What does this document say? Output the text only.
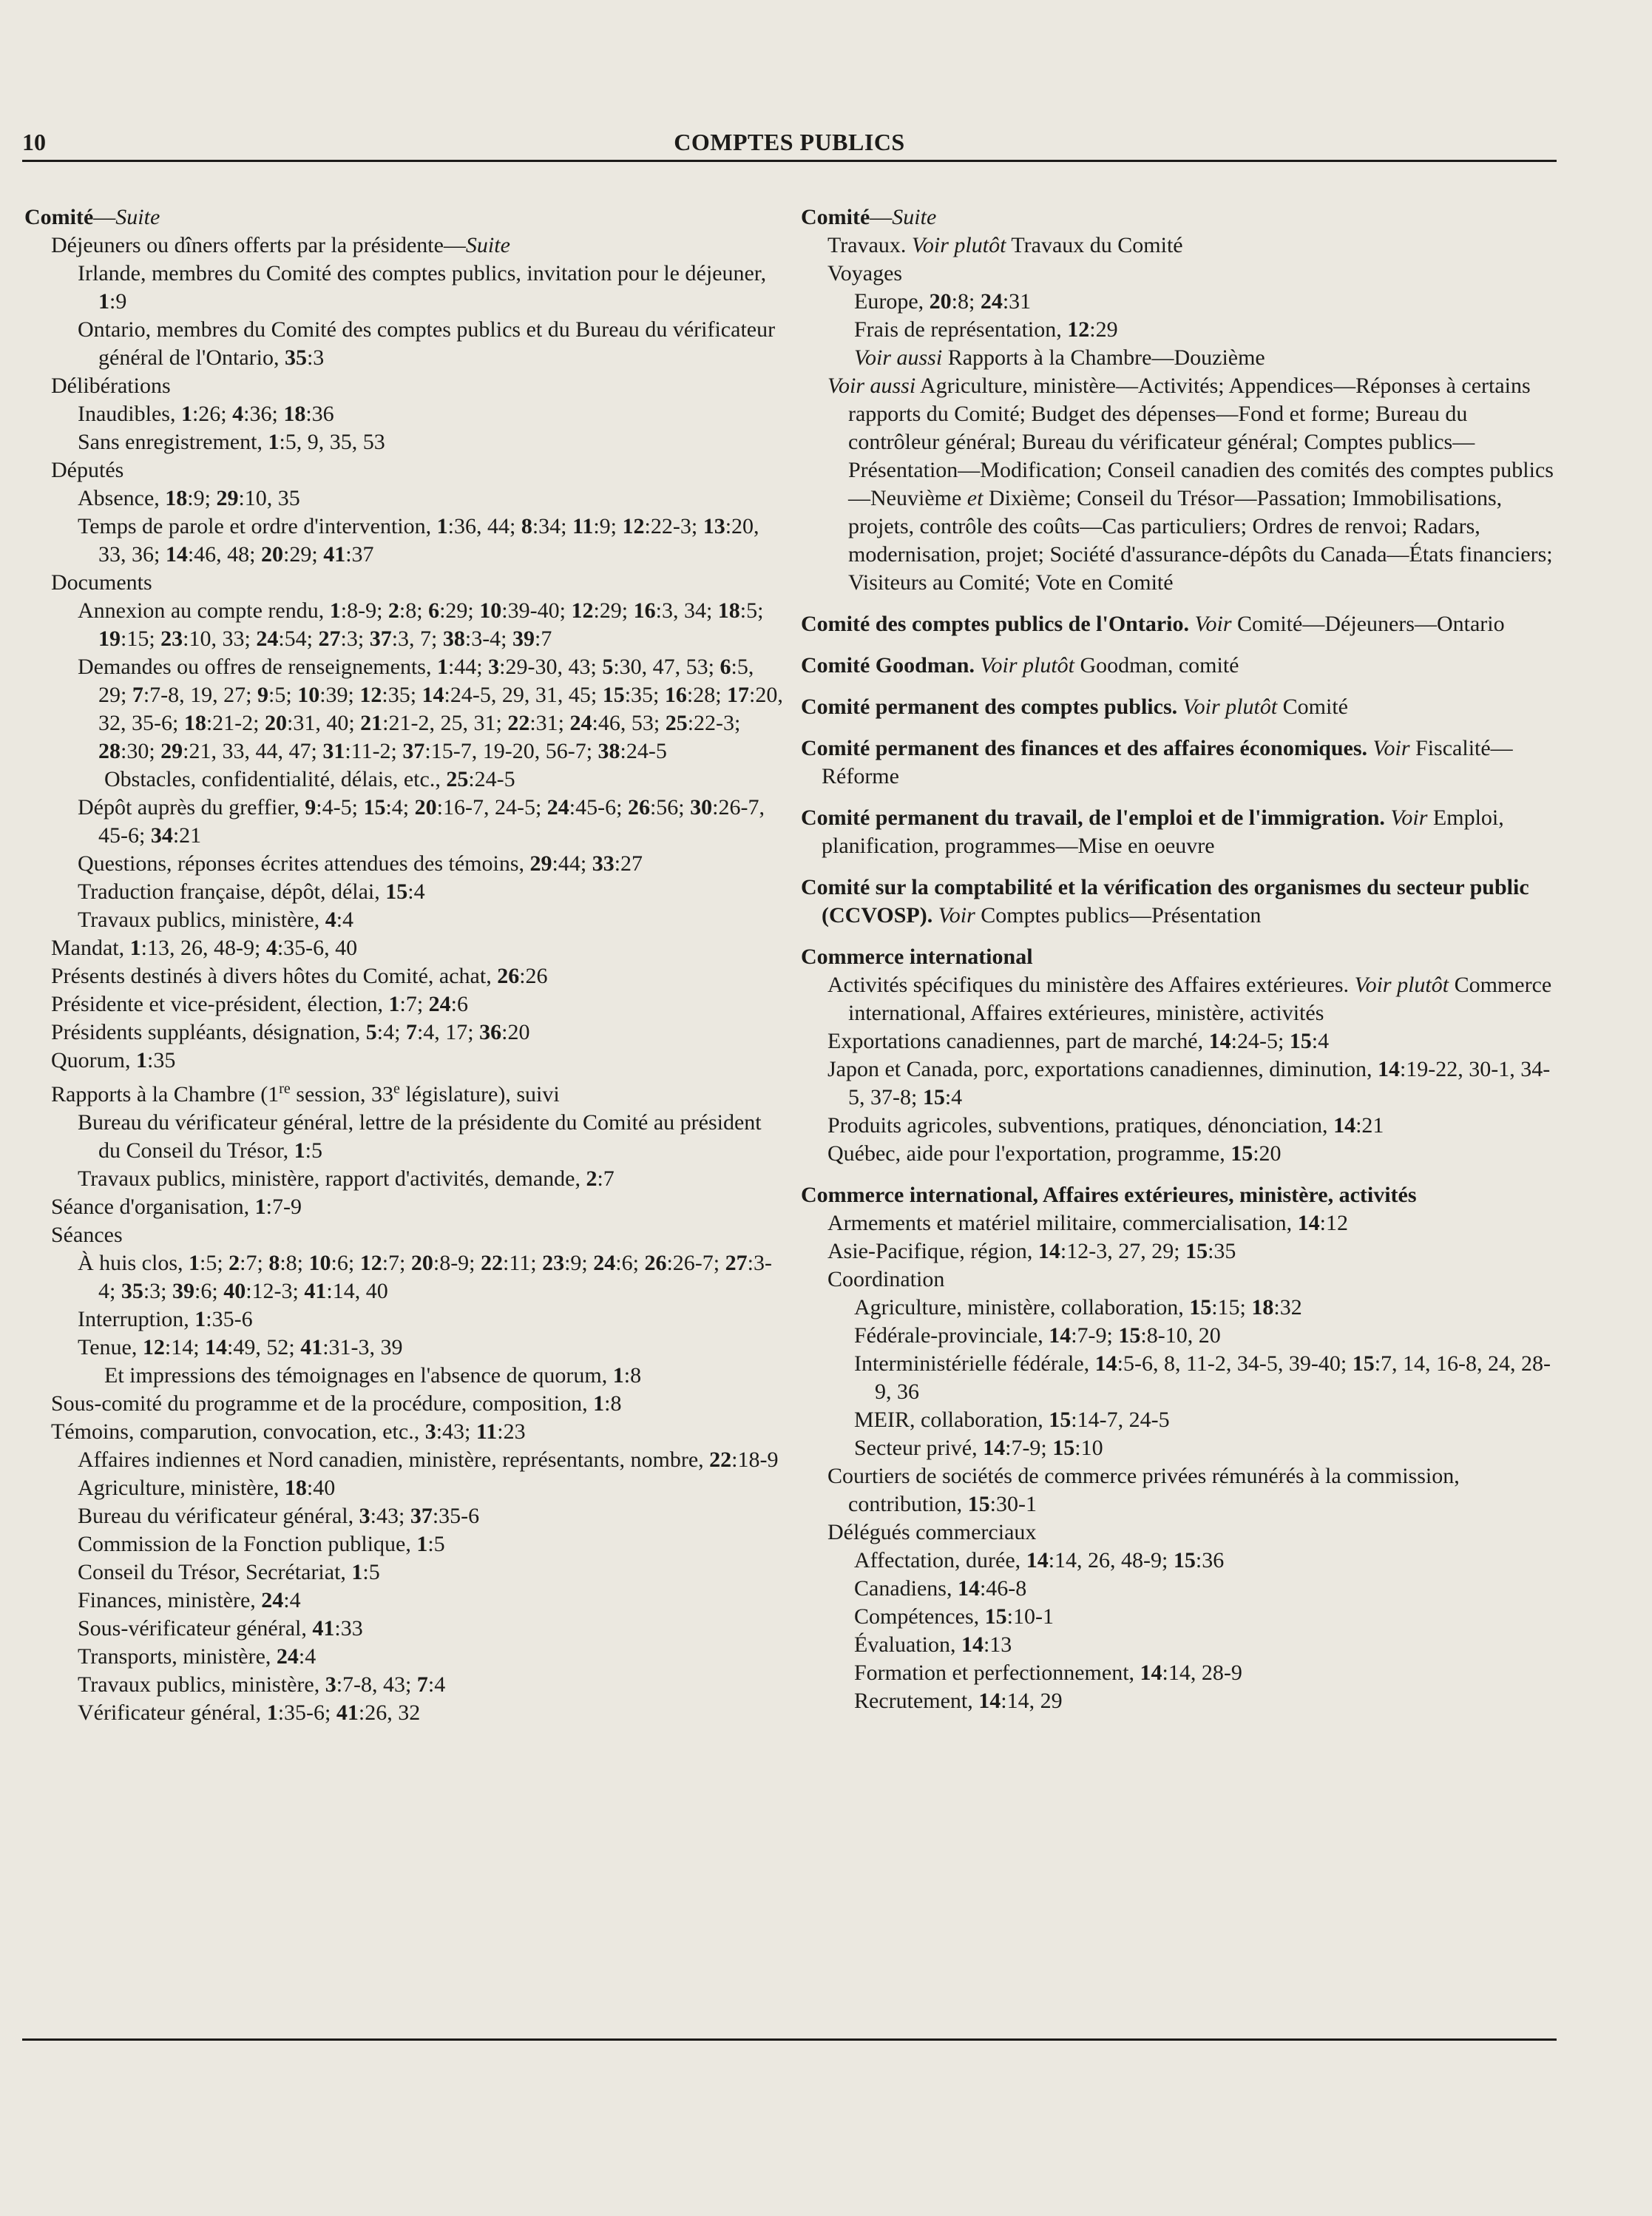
10	COMPTES PUBLICS

Comité—Suite

Déjeuners ou dîners offerts par la présidente—Suite

Irlande, membres du Comité des comptes publics, invitation pour le déjeuner, 1:9

Ontario, membres du Comité des comptes publics et du Bureau du vérificateur général de l'Ontario, 35:3

Délibérations

Inaudibles, 1:26; 4:36; 18:36

Sans enregistrement, 1:5, 9, 35, 53

Députés

Absence, 18:9; 29:10, 35

Temps de parole et ordre d'intervention, 1:36, 44; 8:34; 11:9; 12:22-3; 13:20, 33, 36; 14:46, 48; 20:29; 41:37

Documents

Annexion au compte rendu, 1:8-9; 2:8; 6:29; 10:39-40; 12:29; 16:3, 34; 18:5; 19:15; 23:10, 33; 24:54; 27:3; 37:3, 7; 38:3-4; 39:7

Demandes ou offres de renseignements, 1:44; 3:29-30, 43; 5:30, 47, 53; 6:5, 29; 7:7-8, 19, 27; 9:5; 10:39; 12:35; 14:24-5, 29, 31, 45; 15:35; 16:28; 17:20, 32, 35-6; 18:21-2; 20:31, 40; 21:21-2, 25, 31; 22:31; 24:46, 53; 25:22-3; 28:30; 29:21, 33, 44, 47; 31:11-2; 37:15-7, 19-20, 56-7; 38:24-5

Obstacles, confidentialité, délais, etc., 25:24-5

Dépôt auprès du greffier, 9:4-5; 15:4; 20:16-7, 24-5; 24:45-6; 26:56; 30:26-7, 45-6; 34:21

Questions, réponses écrites attendues des témoins, 29:44; 33:27

Traduction française, dépôt, délai, 15:4

Travaux publics, ministère, 4:4

Mandat, 1:13, 26, 48-9; 4:35-6, 40

Présents destinés à divers hôtes du Comité, achat, 26:26

Présidente et vice-président, élection, 1:7; 24:6

Présidents suppléants, désignation, 5:4; 7:4, 17; 36:20

Quorum, 1:35

Rapports à la Chambre (1re session, 33e législature), suivi

Bureau du vérificateur général, lettre de la présidente du Comité au président du Conseil du Trésor, 1:5

Travaux publics, ministère, rapport d'activités, demande, 2:7

Séance d'organisation, 1:7-9

Séances

À huis clos, 1:5; 2:7; 8:8; 10:6; 12:7; 20:8-9; 22:11; 23:9; 24:6; 26:26-7; 27:3-4; 35:3; 39:6; 40:12-3; 41:14, 40

Interruption, 1:35-6

Tenue, 12:14; 14:49, 52; 41:31-3, 39

Et impressions des témoignages en l'absence de quorum, 1:8

Sous-comité du programme et de la procédure, composition, 1:8

Témoins, comparution, convocation, etc., 3:43; 11:23

Affaires indiennes et Nord canadien, ministère, représentants, nombre, 22:18-9

Agriculture, ministère, 18:40

Bureau du vérificateur général, 3:43; 37:35-6

Commission de la Fonction publique, 1:5

Conseil du Trésor, Secrétariat, 1:5

Finances, ministère, 24:4

Sous-vérificateur général, 41:33

Transports, ministère, 24:4

Travaux publics, ministère, 3:7-8, 43; 7:4

Vérificateur général, 1:35-6; 41:26, 32

Comité—Suite

Travaux. Voir plutôt Travaux du Comité

Voyages

Europe, 20:8; 24:31

Frais de représentation, 12:29

Voir aussi Rapports à la Chambre—Douzième

Voir aussi Agriculture, ministère—Activités; Appendices—Réponses à certains rapports du Comité; Budget des dépenses—Fond et forme; Bureau du contrôleur général; Bureau du vérificateur général; Comptes publics—Présentation—Modification; Conseil canadien des comités des comptes publics—Neuvième et Dixième; Conseil du Trésor—Passation; Immobilisations, projets, contrôle des coûts—Cas particuliers; Ordres de renvoi; Radars, modernisation, projet; Société d'assurance-dépôts du Canada—États financiers; Visiteurs au Comité; Vote en Comité

Comité des comptes publics de l'Ontario. Voir Comité—Déjeuners—Ontario

Comité Goodman. Voir plutôt Goodman, comité

Comité permanent des comptes publics. Voir plutôt Comité

Comité permanent des finances et des affaires économiques. Voir Fiscalité—Réforme

Comité permanent du travail, de l'emploi et de l'immigration. Voir Emploi, planification, programmes—Mise en oeuvre

Comité sur la comptabilité et la vérification des organismes du secteur public (CCVOSP). Voir Comptes publics—Présentation

Commerce international

Activités spécifiques du ministère des Affaires extérieures. Voir plutôt Commerce international, Affaires extérieures, ministère, activités

Exportations canadiennes, part de marché, 14:24-5; 15:4

Japon et Canada, porc, exportations canadiennes, diminution, 14:19-22, 30-1, 34-5, 37-8; 15:4

Produits agricoles, subventions, pratiques, dénonciation, 14:21

Québec, aide pour l'exportation, programme, 15:20

Commerce international, Affaires extérieures, ministère, activités

Armements et matériel militaire, commercialisation, 14:12

Asie-Pacifique, région, 14:12-3, 27, 29; 15:35

Coordination

Agriculture, ministère, collaboration, 15:15; 18:32

Fédérale-provinciale, 14:7-9; 15:8-10, 20

Interministérielle fédérale, 14:5-6, 8, 11-2, 34-5, 39-40; 15:7, 14, 16-8, 24, 28-9, 36

MEIR, collaboration, 15:14-7, 24-5

Secteur privé, 14:7-9; 15:10

Courtiers de sociétés de commerce privées rémunérés à la commission, contribution, 15:30-1

Délégués commerciaux

Affectation, durée, 14:14, 26, 48-9; 15:36

Canadiens, 14:46-8

Compétences, 15:10-1

Évaluation, 14:13

Formation et perfectionnement, 14:14, 28-9

Recrutement, 14:14, 29
